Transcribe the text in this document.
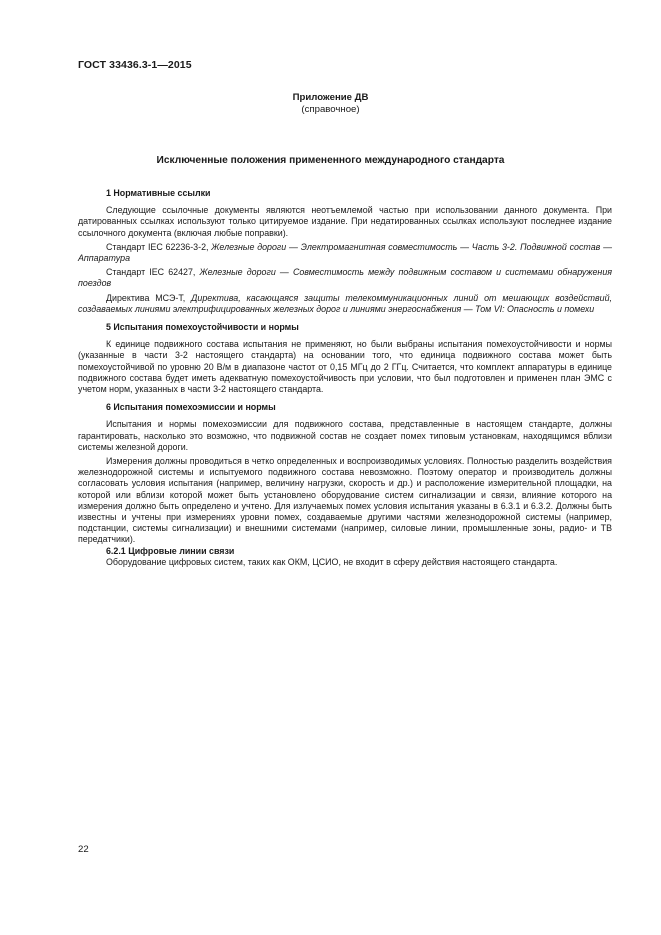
ГОСТ 33436.3-1—2015
Приложение ДВ
(справочное)
Исключенные положения примененного международного стандарта
1 Нормативные ссылки

Следующие ссылочные документы являются неотъемлемой частью при использовании данного документа. При датированных ссылках используют только цитируемое издание. При недатированных ссылках используют последнее издание ссылочного документа (включая любые поправки).

Стандарт IEC 62236-3-2, Железные дороги — Электромагнитная совместимость — Часть 3-2. Подвижной состав — Аппаратура

Стандарт IEC 62427, Железные дороги — Совместимость между подвижным составом и системами обнаружения поездов

Директива МСЭ-Т, Директива, касающаяся защиты телекоммуникационных линий от мешающих воздействий, создаваемых линиями электрифицированных железных дорог и линиями энергоснабжения — Том VI: Опасность и помехи

5 Испытания помехоустойчивости и нормы

К единице подвижного состава испытания не применяют, но были выбраны испытания помехоустойчивости и нормы (указанные в части 3-2 настоящего стандарта) на основании того, что единица подвижного состава может быть помехоустойчивой по уровню 20 В/м в диапазоне частот от 0,15 МГц до 2 ГГц. Считается, что комплект аппаратуры в единице подвижного состава будет иметь адекватную помехоустойчивость при условии, что был подготовлен и применен план ЭМС с учетом норм, указанных в части 3-2 настоящего стандарта.

6 Испытания помехоэмиссии и нормы

Испытания и нормы помехоэмиссии для подвижного состава, представленные в настоящем стандарте, должны гарантировать, насколько это возможно, что подвижной состав не создает помех типовым установкам, находящимся вблизи системы железной дороги.

Измерения должны проводиться в четко определенных и воспроизводимых условиях. Полностью разделить воздействия железнодорожной системы и испытуемого подвижного состава невозможно. Поэтому оператор и производитель должны согласовать условия испытания (например, величину нагрузки, скорость и др.) и расположение измерительной площадки, на которой или вблизи которой может быть установлено оборудование систем сигнализации и связи, влияние которого на измерения должно быть определено и учтено. Для излучаемых помех условия испытания указаны в 6.3.1 и 6.3.2. Должны быть известны и учтены при измерениях уровни помех, создаваемые другими частями железнодорожной системы (например, подстанции, системы сигнализации) и внешними системами (например, силовые линии, промышленные зоны, радио- и ТВ передатчики).

6.2.1 Цифровые линии связи

Оборудование цифровых систем, таких как ОКМ, ЦСИО, не входит в сферу действия настоящего стандарта.

22
